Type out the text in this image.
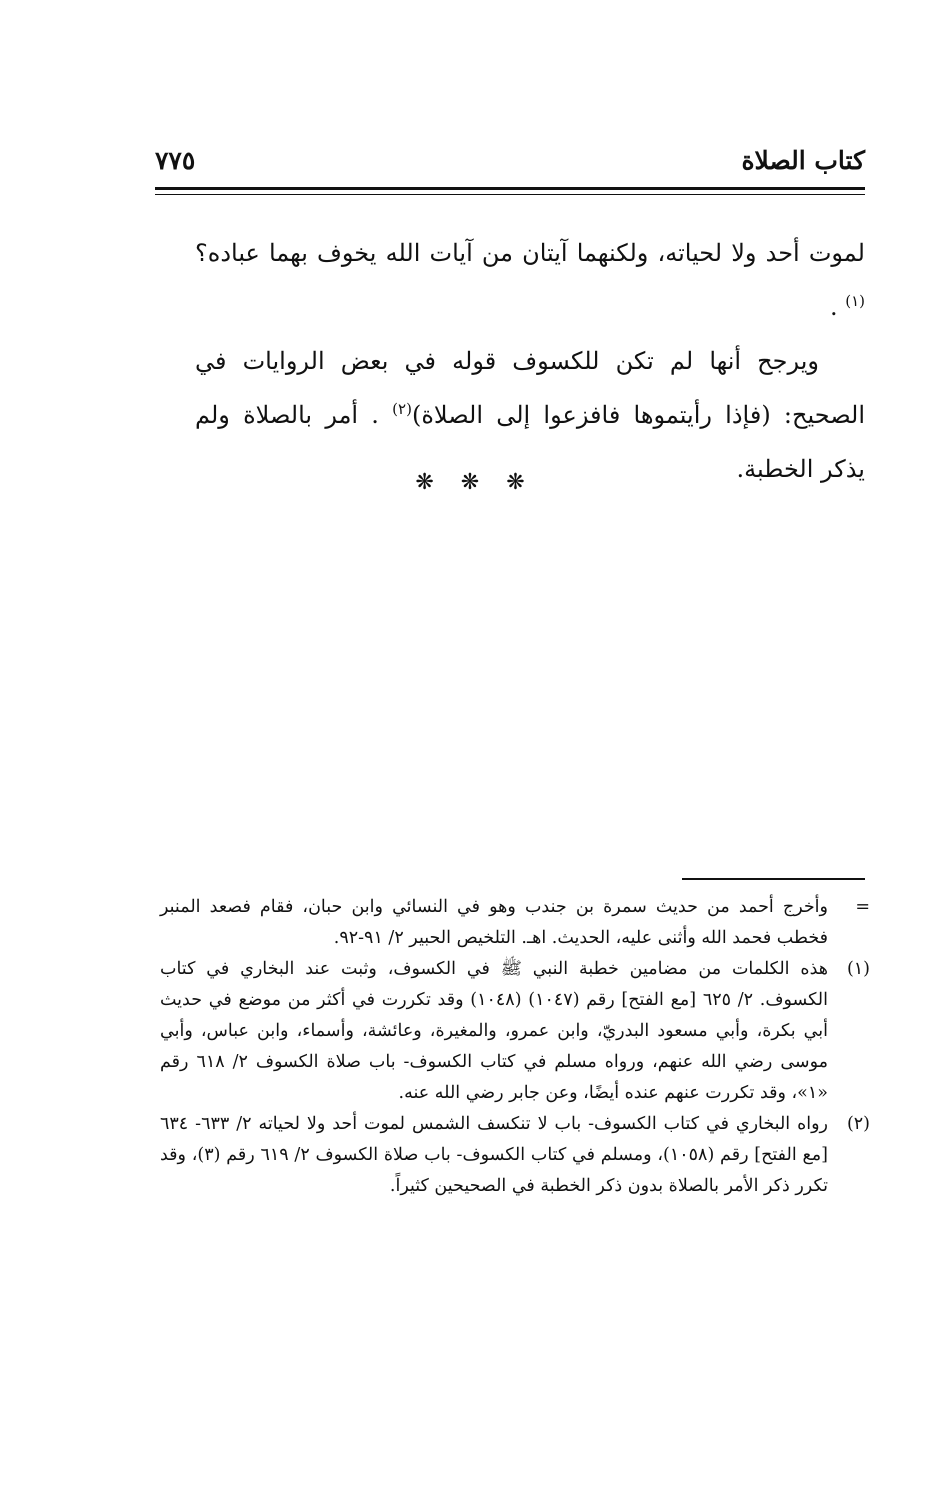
كتاب الصلاة
٧٧٥

لموت أحد ولا لحياته، ولكنهما آيتان من آيات الله يخوف بهما عباده؟$^{(١)}$ .

ويرجح أنها لم تكن للكسوف قوله في بعض الروايات في الصحيح: (فإذا رأيتموها فافزعوا إلى الصلاة)$^{(٢)}$ . أمر بالصلاة ولم يذكر الخطبة.

❋ ❋ ❋

=
وأخرج أحمد من حديث سمرة بن جندب وهو في النسائي وابن حبان، فقام فصعد المنبر فخطب فحمد الله وأثنى عليه، الحديث. اهـ. التلخيص الحبير ٢/ ٩١-٩٢.

(١)
هذه الكلمات من مضامين خطبة النبي ﷺ في الكسوف، وثبت عند البخاري في كتاب الكسوف. ٢/ ٦٢٥ [مع الفتح] رقم (١٠٤٧) (١٠٤٨) وقد تكررت في أكثر من موضع في حديث أبي بكرة، وأبي مسعود البدريّ، وابن عمرو، والمغيرة، وعائشة، وأسماء، وابن عباس، وأبي موسى رضي الله عنهم، ورواه مسلم في كتاب الكسوف- باب صلاة الكسوف ٢/ ٦١٨ رقم «١»، وقد تكررت عنهم عنده أيضًا، وعن جابر رضي الله عنه.

(٢)
رواه البخاري في كتاب الكسوف- باب لا تنكسف الشمس لموت أحد ولا لحياته ٢/ ٦٣٣- ٦٣٤ [مع الفتح] رقم (١٠٥٨)، ومسلم في كتاب الكسوف- باب صلاة الكسوف ٢/ ٦١٩ رقم (٣)، وقد تكرر ذكر الأمر بالصلاة بدون ذكر الخطبة في الصحيحين كثيراً.
